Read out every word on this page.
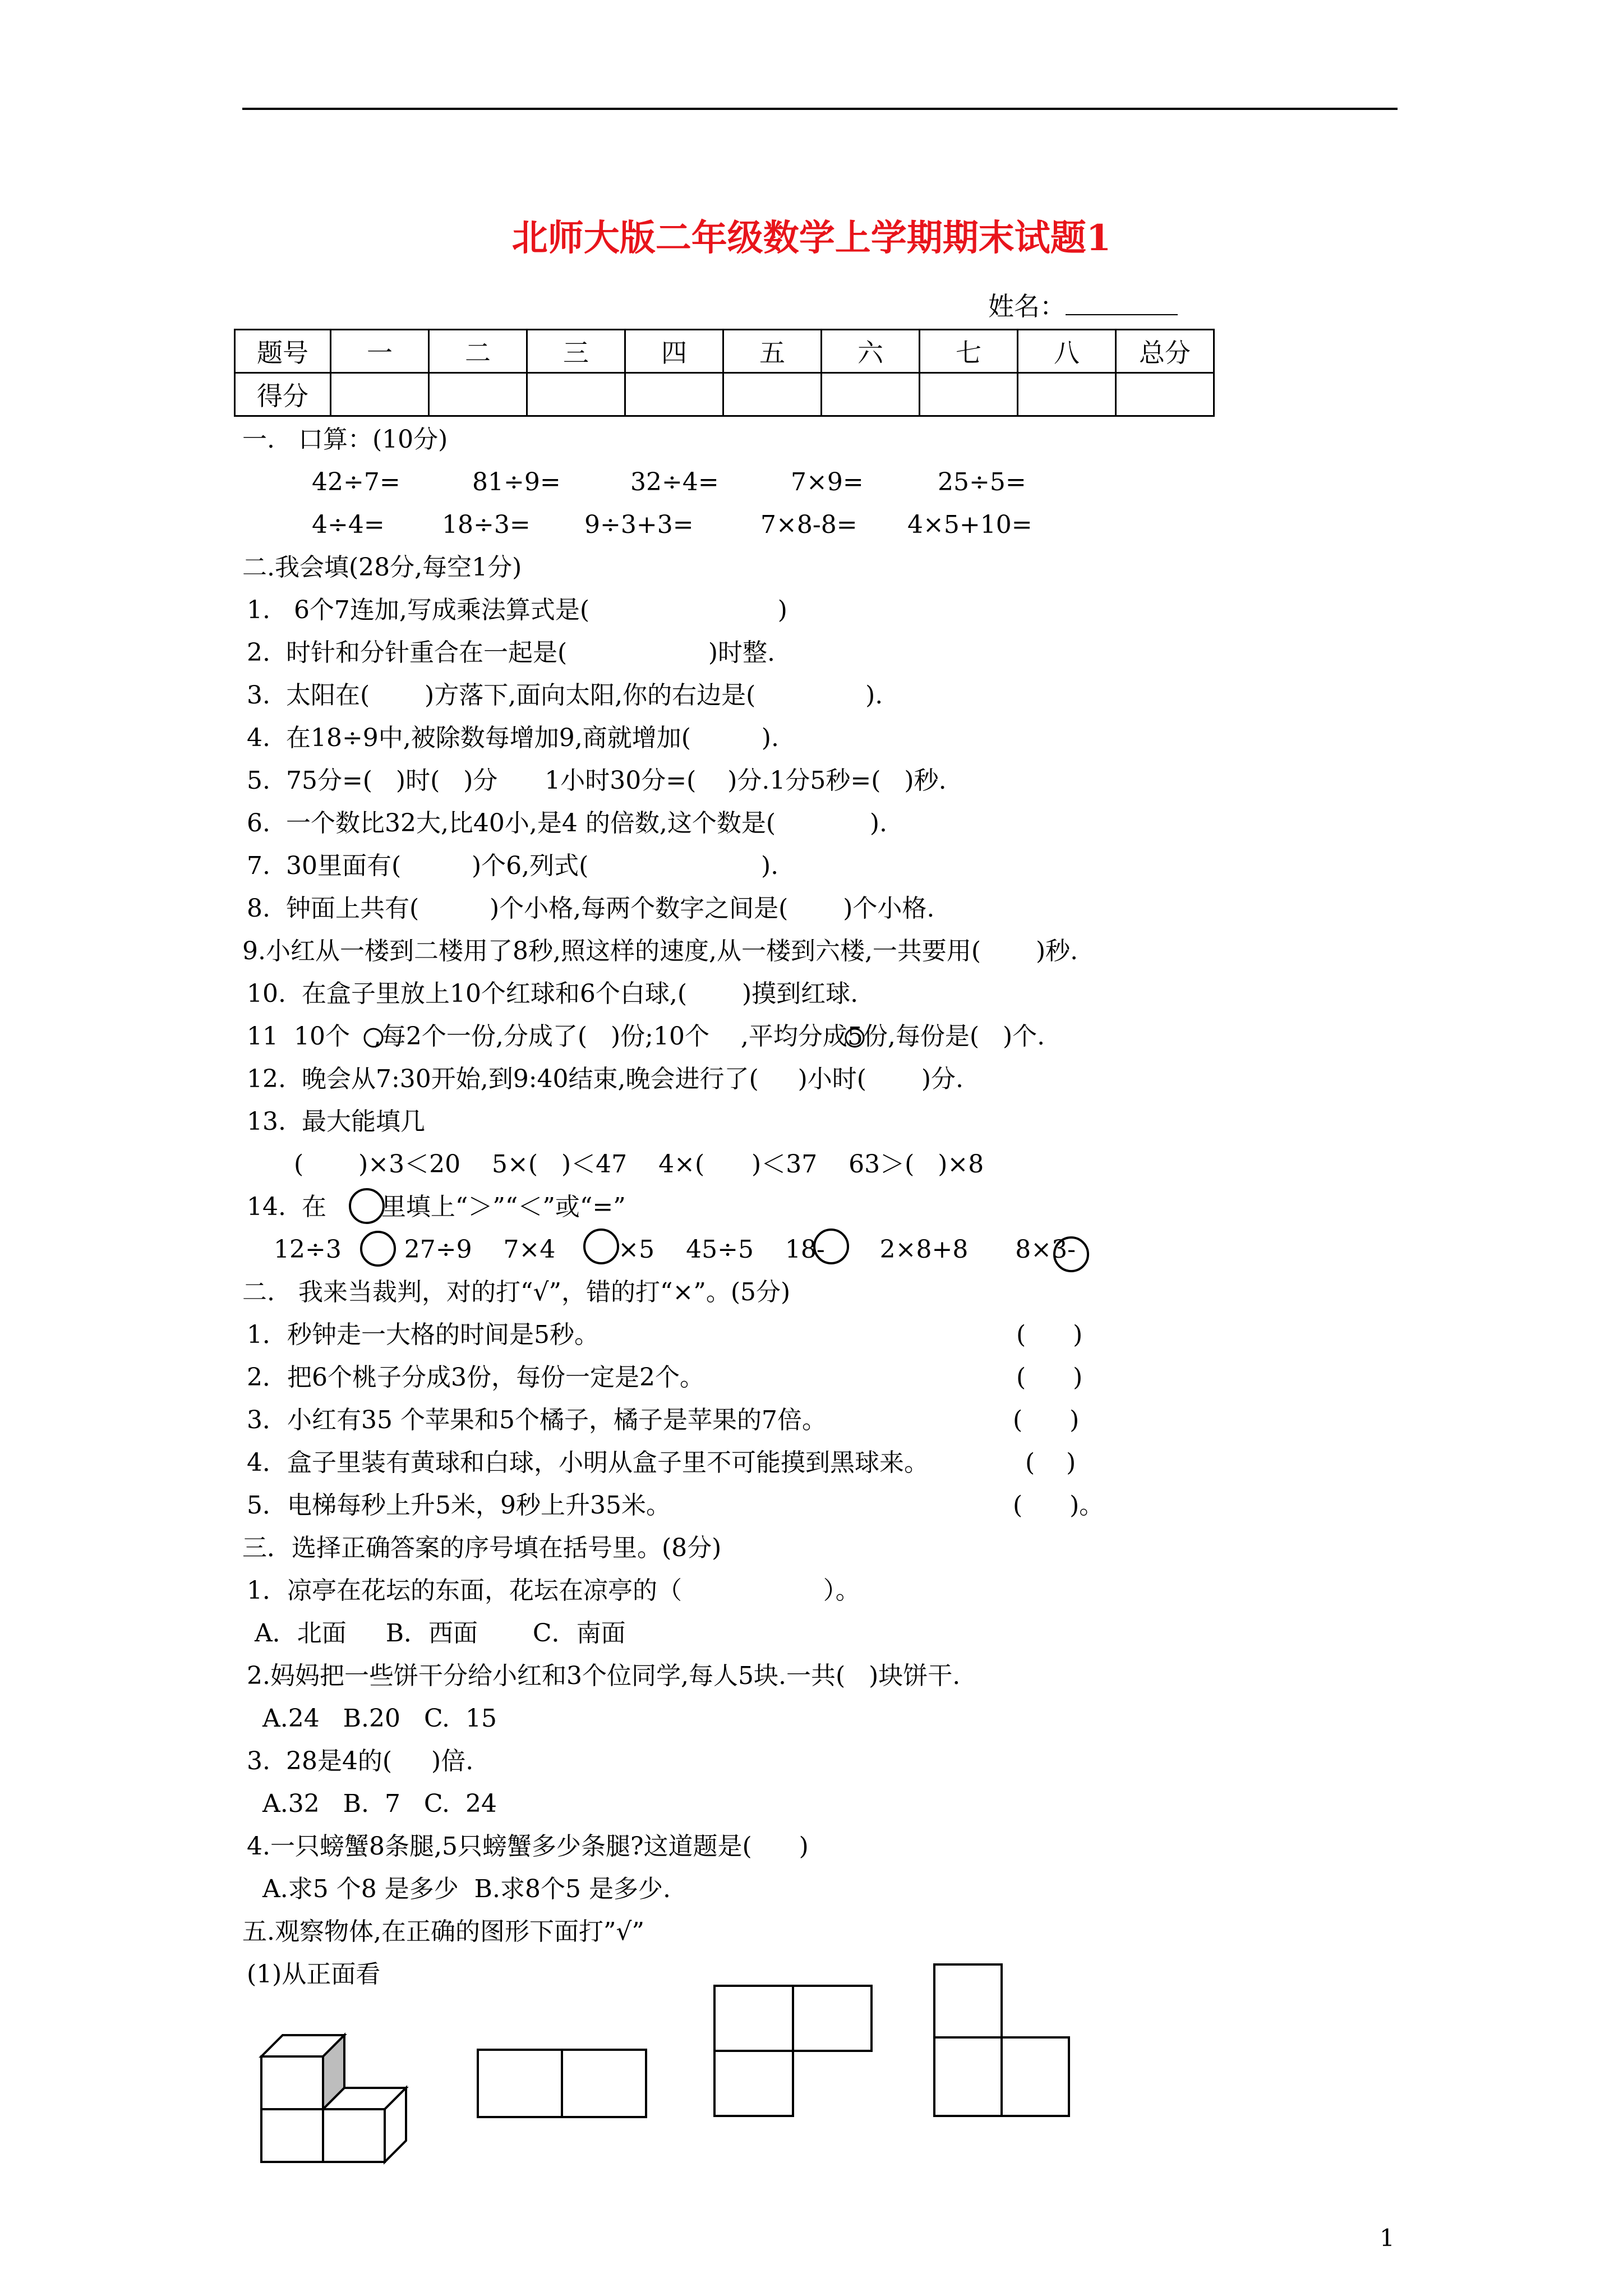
北师大版二年级数学上学期期末试题1
姓名：
题号	一	二	三	四	五	六	七	八	总分
得分									
一.   口算：(10分)
42÷7=	81÷9=	32÷4=	7×9=	25÷5=
4÷4= 18÷3= 9÷3+3=	7×8-8= 4×5+10=
二.我会填(28分,每空1分)
1.   6个7连加,写成乘法算式是(                        )
2.  时针和分针重合在一起是(                  )时整.
3.  太阳在(       )方落下,面向太阳,你的右边是(              ).
4.  在18÷9中,被除数每增加9,商就增加(         ).
5.  75分=(   )时(   )分      1小时30分=(    )分.1分5秒=(   )秒.
6.  一个数比32大,比40小,是4 的倍数,这个数是(            ).
7.  30里面有(         )个6,列式(                      ).
8.  钟面上共有(         )个小格,每两个数字之间是(       )个小格.
9.小红从一楼到二楼用了8秒,照这样的速度,从一楼到六楼,一共要用(       )秒.
10.  在盒子里放上10个红球和6个白球,(       )摸到红球.
11  10个   ,每2个一份,分成了(   )份;10个    ,平均分成5份,每份是(   )个.
12.  晚会从7:30开始,到9:40结束,晚会进行了(     )小时(       )分.
13.  最大能填几
(       )×3＜20    5×(   )＜47    4×(      )＜37    63＞(   )×8
14.  在       里填上“＞”“＜”或“=”
12÷3        27÷9    7×4        ×5    45÷5    18-       2×8+8      8×3-
二.   我来当裁判，对的打“√”，错的打“×”。(5分)
1．秒钟走一大格的时间是5秒。	(      )
2．把6个桃子分成3份，每份一定是2个。	(      )
3．小红有35 个苹果和5个橘子，橘子是苹果的7倍。	(      )
4．盒子里装有黄球和白球，小明从盒子里不可能摸到黑球来。	(    )
5．电梯每秒上升5米，9秒上升35米。	(      )。
三．选择正确答案的序号填在括号里。(8分)
1．凉亭在花坛的东面，花坛在凉亭的（                  ）。
A．北面     B．西面       C．南面
2.妈妈把一些饼干分给小红和3个位同学,每人5块.一共(   )块饼干.
A.24   B.20   C.  15
3.  28是4的(     )倍.
A.32   B.  7   C.  24
4.一只螃蟹8条腿,5只螃蟹多少条腿?这道题是(      )
A.求5 个8 是多少  B.求8个5 是多少.
五.观察物体,在正确的图形下面打”√”
(1)从正面看
1
